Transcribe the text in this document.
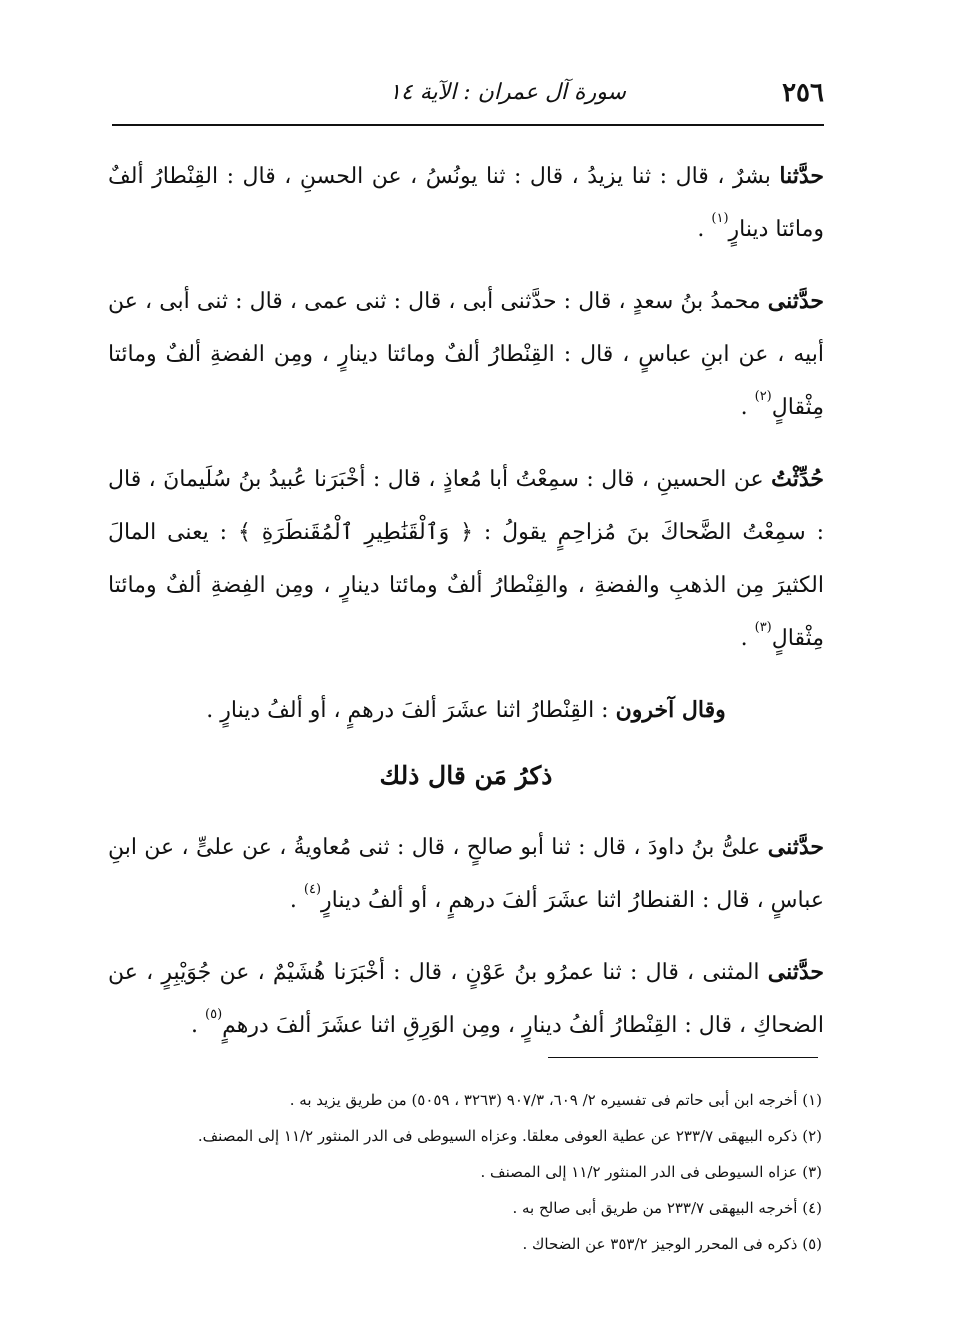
٢٥٦
سورة آل عمران : الآية ١٤

حدَّثنا بشرٌ ، قال : ثنا يزيدُ ، قال : ثنا يونُسُ ، عن الحسنِ ، قال : القِنْطارُ ألفٌ ومائتا دينارٍ$^{(١)}$ .

حدَّثنى محمدُ بنُ سعدٍ ، قال : حدَّثنى أبى ، قال : ثنى عمى ، قال : ثنى أبى ، عن أبيه ، عن ابنِ عباسٍ ، قال : القِنْطارُ ألفٌ ومائتا دينارٍ ، ومِن الفضةِ ألفٌ ومائتا مِثْقالٍ$^{(٢)}$ .

حُدِّثْتُ عن الحسينِ ، قال : سمِعْتُ أبا مُعاذٍ ، قال : أخْبَرَنا عُبيدُ بنُ سُلَيمانَ ، قال : سمِعْتُ الضَّحاكَ بنَ مُزاحِمٍ يقولُ : ﴿ وَٱلْقَنَٰطِيرِ ٱلْمُقَنطَرَةِ ﴾ : يعنى المالَ الكثيرَ مِن الذهبِ والفضةِ ، والقِنْطارُ ألفٌ ومائتا دينارٍ ، ومِن الفِضةِ ألفٌ ومائتا مِثْقالٍ$^{(٣)}$ .

وقال آخرون : القِنْطارُ اثنا عشَرَ ألفَ درهمٍ ، أو ألفُ دينارٍ .

ذكرُ مَن قال ذلك

حدَّثنى علىُّ بنُ داودَ ، قال : ثنا أبو صالحٍ ، قال : ثنى مُعاويةُ ، عن علىٍّ ، عن ابنِ عباسٍ ، قال : القنطارُ اثنا عشَرَ ألفَ درهمٍ ، أو ألفُ دينارٍ$^{(٤)}$ .

حدَّثنى المثنى ، قال : ثنا عمرُو بنُ عَوْنٍ ، قال : أخْبَرَنا هُشَيْمٌ ، عن جُوَيْبِرٍ ، عن الضحاكِ ، قال : القِنْطارُ ألفُ دينارٍ ، ومِن الوَرِقِ اثنا عشَرَ ألفَ درهمٍ$^{(٥)}$ .

(١) أخرجه ابن أبى حاتم فى تفسيره ٢/ ٦٠٩، ٩٠٧/٣ (٣٢٦٣ ، ٥٠٥٩) من طريق يزيد به .

(٢) ذكره البيهقى ٢٣٣/٧ عن عطية العوفى معلقا. وعزاه السيوطى فى الدر المنثور ١١/٢ إلى المصنف.

(٣) عزاه السيوطى فى الدر المنثور ١١/٢ إلى المصنف .

(٤) أخرجه البيهقى ٢٣٣/٧ من طريق أبى صالح به .

(٥) ذكره فى المحرر الوجيز ٣٥٣/٢ عن الضحاك .
